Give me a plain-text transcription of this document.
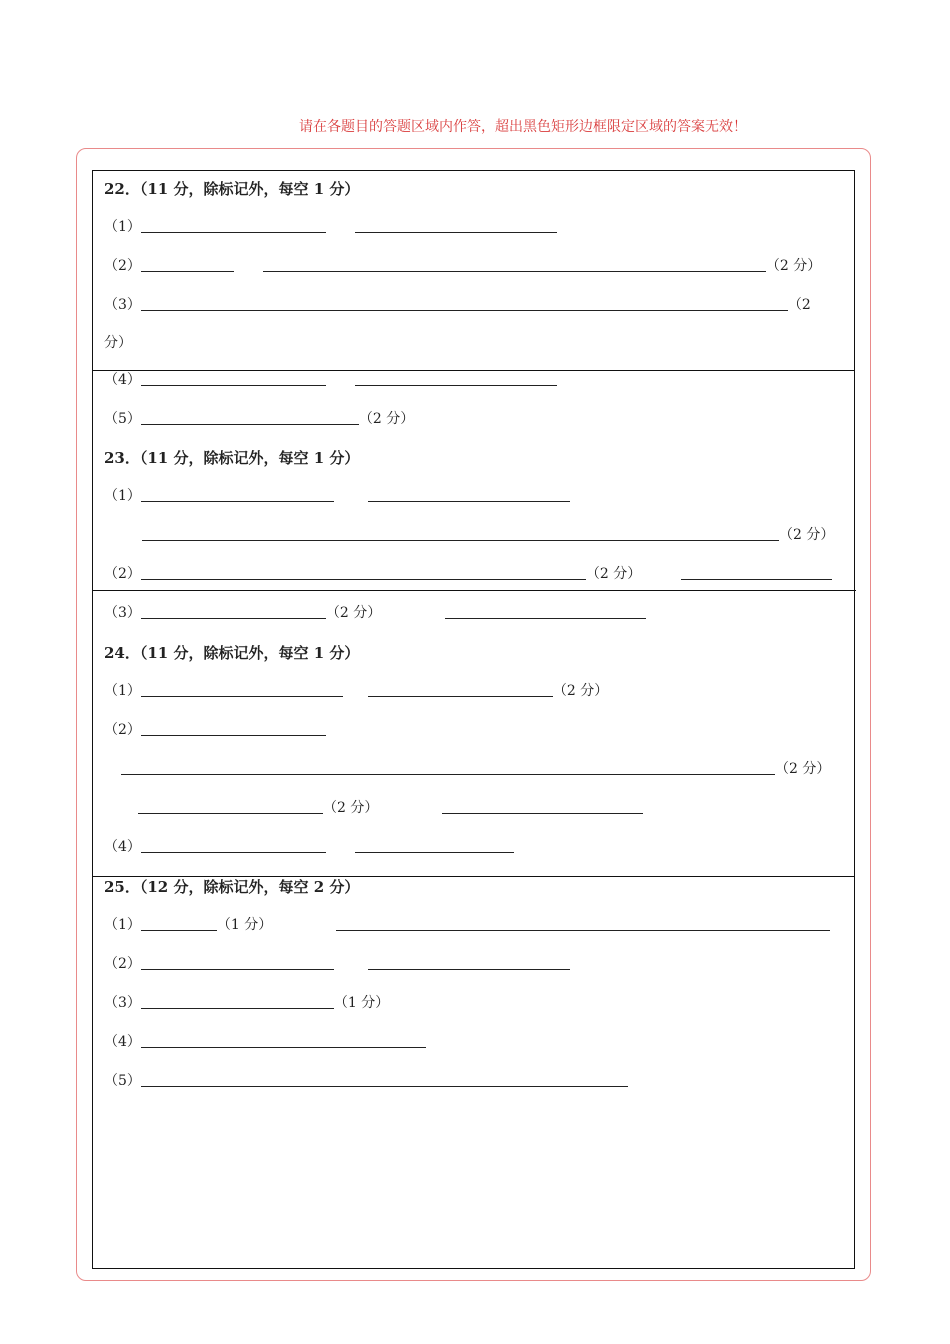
请在各题目的答题区域内作答，超出黑色矩形边框限定区域的答案无效！
22．（11 分，除标记外，每空 1 分）
（1）
（2）	（2 分）
（3）	（2
分）
（4）
（5）	（2 分）
23．（11 分，除标记外，每空 1 分）
（1）
（2 分）
（2）	（2 分）
（3）	（2 分）
24．（11 分，除标记外，每空 1 分）
（1）	（2 分）
（2）
（2 分）
（2 分）
（4）
25．（12 分，除标记外，每空 2 分）
（1）	（1 分）
（2）
（3）	（1 分）
（4）
（5）
